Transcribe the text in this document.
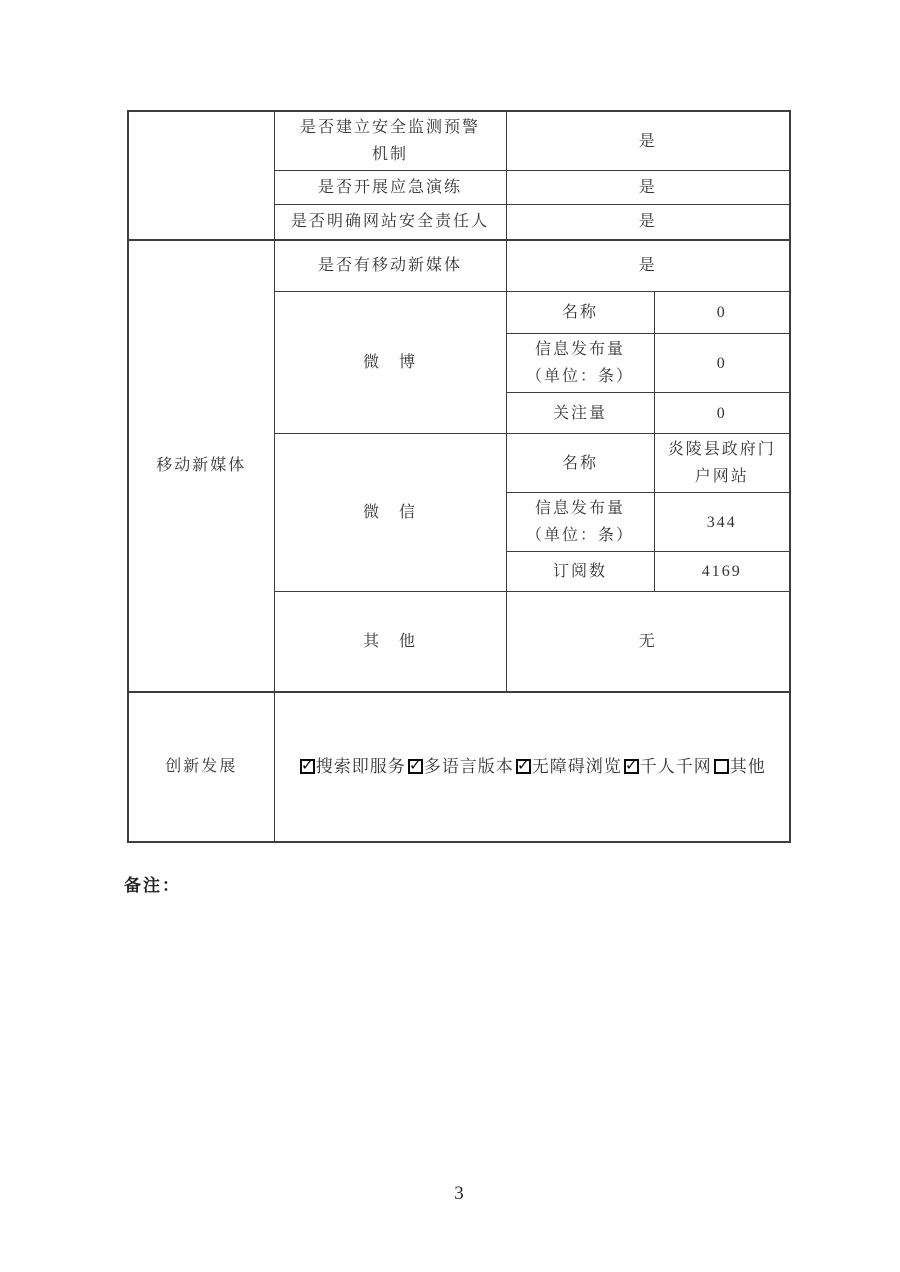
	是否建立安全监测预警
机制	是	
	是否开展应急演练	是	
	是否明确网站安全责任人	是	
移动新媒体	是否有移动新媒体	是	
	微　博	名称	0

		信息发布量
（单位：条）	0
		关注量	0
	微　信	名称	炎陵县政府门户网站

		信息发布量
（单位：条）	344
		订阅数	4169
	其　他	无	
创新发展	
✓搜索即服务 ✓ 多语言版本 ✓ 无障碍浏览 ✓ 千人千网 其他
备注：
3
